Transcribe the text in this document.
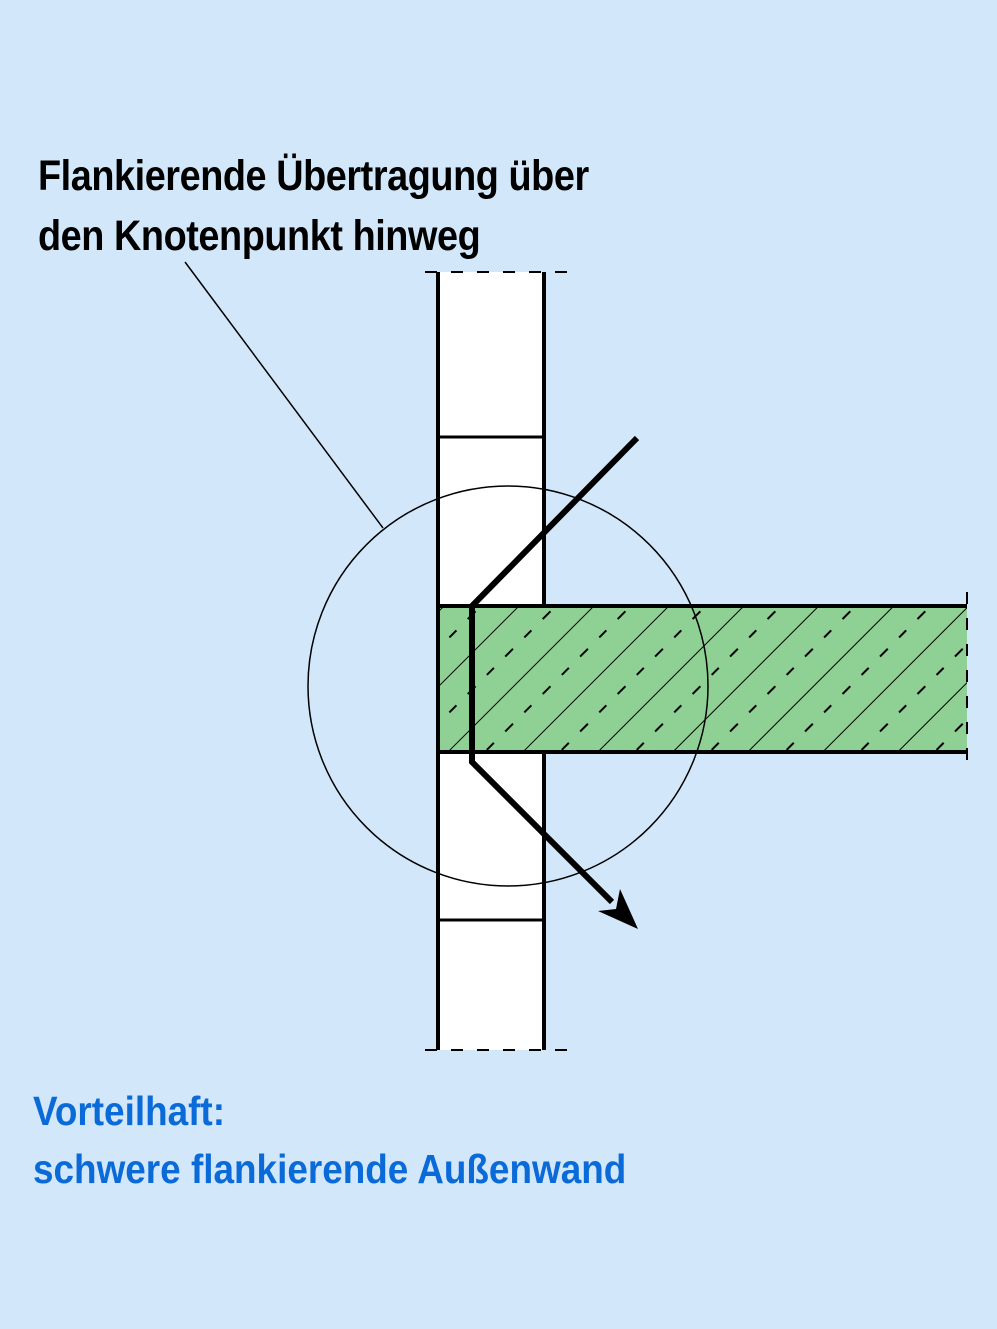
Flankierende Übertragung über
den Knotenpunkt hinweg
Vorteilhaft:
schwere flankierende Außenwand
